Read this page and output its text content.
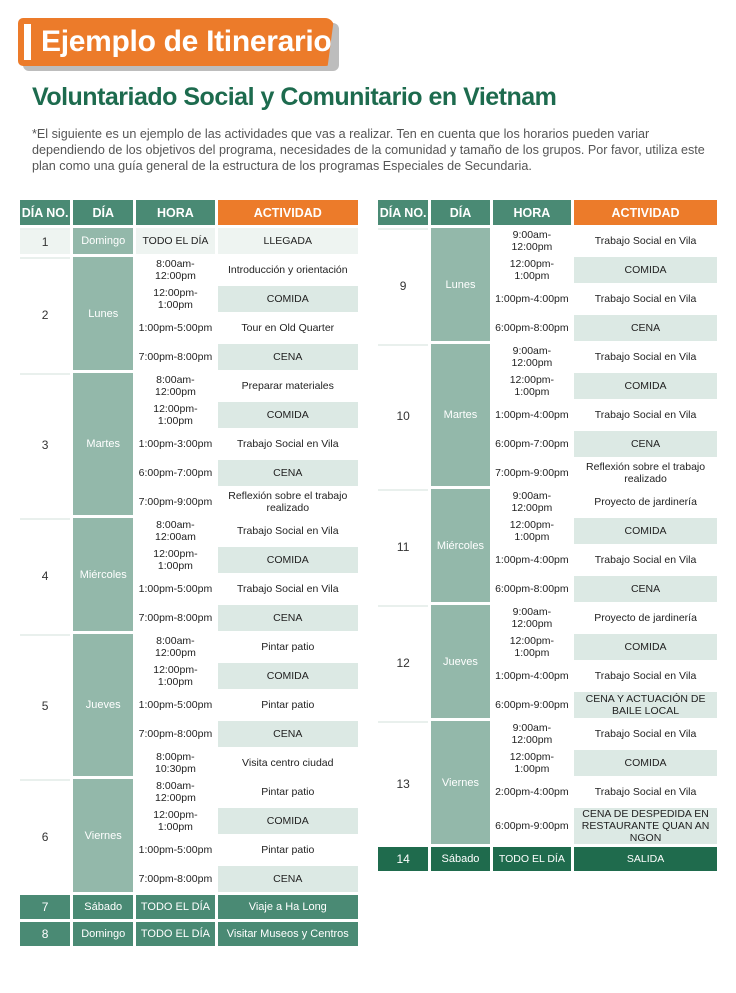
Ejemplo de Itinerario
Voluntariado Social y Comunitario en Vietnam
*El siguiente es un ejemplo de las actividades que vas a realizar. Ten en cuenta que los horarios pueden variar dependiendo de los objetivos del programa, necesidades de la comunidad y tamaño de los grupos. Por favor, utiliza este plan como una guía general de la estructura de los programas Especiales de Secundaria.
DÍA NO.	DÍA	HORA	ACTIVIDAD
1	Domingo	TODO EL DÍA	LLEGADA
2	Lunes	8:00am-12:00pm	Introducción y orientación
		12:00pm-1:00pm	COMIDA
		1:00pm-5:00pm	Tour en Old Quarter
		7:00pm-8:00pm	CENA
3	Martes	8:00am-12:00pm	Preparar materiales
		12:00pm-1:00pm	COMIDA
		1:00pm-3:00pm	Trabajo Social en Vila
		6:00pm-7:00pm	CENA
		7:00pm-9:00pm	Reflexión sobre el trabajo realizado
4	Miércoles	8:00am-12:00am	Trabajo Social en Vila
		12:00pm-1:00pm	COMIDA
		1:00pm-5:00pm	Trabajo Social en Vila
		7:00pm-8:00pm	CENA
5	Jueves	8:00am-12:00pm	Pintar patio
		12:00pm-1:00pm	COMIDA
		1:00pm-5:00pm	Pintar patio
		7:00pm-8:00pm	CENA
		8:00pm-10:30pm	Visita centro ciudad
6	Viernes	8:00am-12:00pm	Pintar patio
		12:00pm-1:00pm	COMIDA
		1:00pm-5:00pm	Pintar patio
		7:00pm-8:00pm	CENA
7	Sábado	TODO EL DÍA	Viaje a Ha Long
8	Domingo	TODO EL DÍA	Visitar Museos y Centros
DÍA NO.	DÍA	HORA	ACTIVIDAD
9	Lunes	9:00am-12:00pm	Trabajo Social en Vila
		12:00pm-1:00pm	COMIDA
		1:00pm-4:00pm	Trabajo Social en Vila
		6:00pm-8:00pm	CENA
10	Martes	9:00am-12:00pm	Trabajo Social en Vila
		12:00pm-1:00pm	COMIDA
		1:00pm-4:00pm	Trabajo Social en Vila
		6:00pm-7:00pm	CENA
		7:00pm-9:00pm	Reflexión sobre el trabajo realizado
11	Miércoles	9:00am-12:00pm	Proyecto de jardinería
		12:00pm-1:00pm	COMIDA
		1:00pm-4:00pm	Trabajo Social en Vila
		6:00pm-8:00pm	CENA
12	Jueves	9:00am-12:00pm	Proyecto de jardinería
		12:00pm-1:00pm	COMIDA
		1:00pm-4:00pm	Trabajo Social en Vila
		6:00pm-9:00pm	CENA Y ACTUACIÓN DE BAILE LOCAL
13	Viernes	9:00am-12:00pm	Trabajo Social en Vila
		12:00pm-1:00pm	COMIDA
		2:00pm-4:00pm	Trabajo Social en Vila
		6:00pm-9:00pm	CENA DE DESPEDIDA EN RESTAURANTE QUAN AN NGON
14	Sábado	TODO EL DÍA	SALIDA
